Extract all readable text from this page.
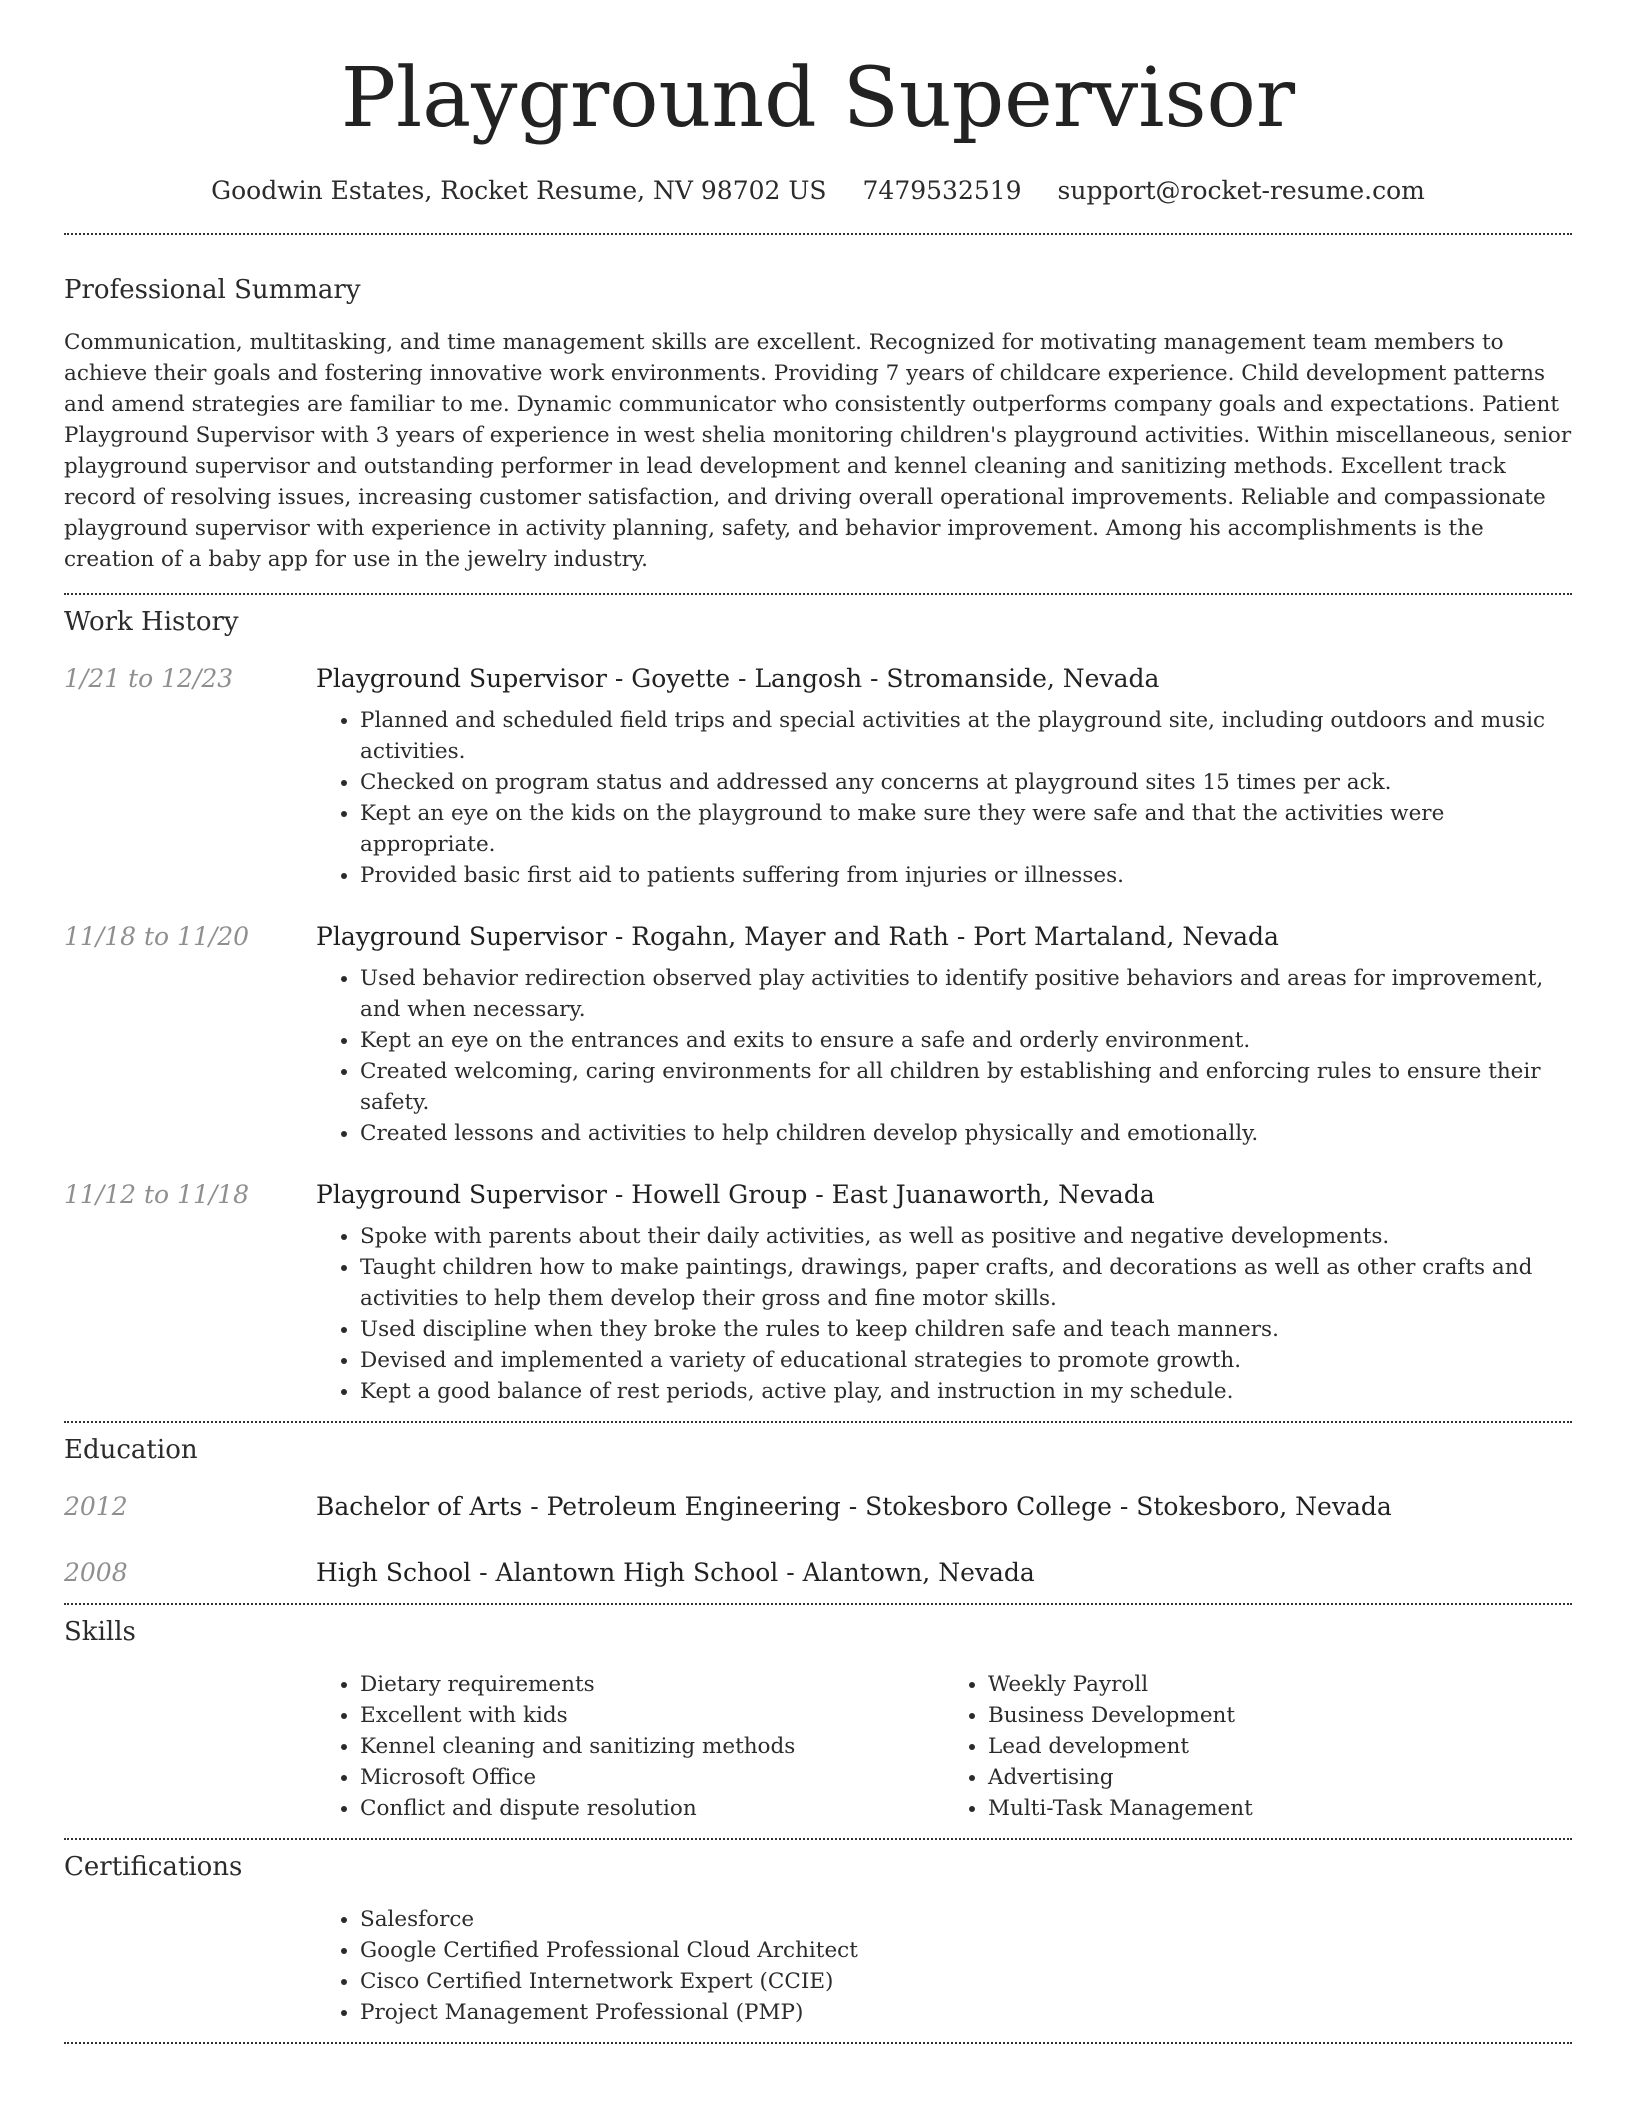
Playground Supervisor
Goodwin Estates, Rocket Resume, NV 98702 US 7479532519 support@rocket-resume.com
Professional Summary

Communication, multitasking, and time management skills are excellent. Recognized for motivating management team members to achieve their goals and fostering innovative work environments. Providing 7 years of childcare experience. Child development patterns and amend strategies are familiar to me. Dynamic communicator who consistently outperforms company goals and expectations. Patient Playground Supervisor with 3 years of experience in west shelia monitoring children's playground activities. Within miscellaneous, senior playground supervisor and outstanding performer in lead development and kennel cleaning and sanitizing methods. Excellent track record of resolving issues, increasing customer satisfaction, and driving overall operational improvements. Reliable and compassionate playground supervisor with experience in activity planning, safety, and behavior improvement. Among his accomplishments is the creation of a baby app for use in the jewelry industry.

Work History
1/21 to 12/23	Playground Supervisor - Goyette - Langosh - Stromanside, Nevada
• Planned and scheduled field trips and special activities at the playground site, including outdoors and music activities.
• Checked on program status and addressed any concerns at playground sites 15 times per ack.
• Kept an eye on the kids on the playground to make sure they were safe and that the activities were appropriate.
• Provided basic first aid to patients suffering from injuries or illnesses.
11/18 to 11/20	Playground Supervisor - Rogahn, Mayer and Rath - Port Martaland, Nevada
• Used behavior redirection observed play activities to identify positive behaviors and areas for improvement, and when necessary.
• Kept an eye on the entrances and exits to ensure a safe and orderly environment.
• Created welcoming, caring environments for all children by establishing and enforcing rules to ensure their safety.
• Created lessons and activities to help children develop physically and emotionally.
11/12 to 11/18	Playground Supervisor - Howell Group - East Juanaworth, Nevada
• Spoke with parents about their daily activities, as well as positive and negative developments.
• Taught children how to make paintings, drawings, paper crafts, and decorations as well as other crafts and activities to help them develop their gross and fine motor skills.
• Used discipline when they broke the rules to keep children safe and teach manners.
• Devised and implemented a variety of educational strategies to promote growth.
• Kept a good balance of rest periods, active play, and instruction in my schedule.
Education
2012	Bachelor of Arts - Petroleum Engineering - Stokesboro College - Stokesboro, Nevada
2008	High School - Alantown High School - Alantown, Nevada
Skills
• Dietary requirements
• Excellent with kids
• Kennel cleaning and sanitizing methods
• Microsoft Office
• Conflict and dispute resolution
• Weekly Payroll
• Business Development
• Lead development
• Advertising
• Multi-Task Management
Certifications
• Salesforce
• Google Certified Professional Cloud Architect
• Cisco Certified Internetwork Expert (CCIE)
• Project Management Professional (PMP)
